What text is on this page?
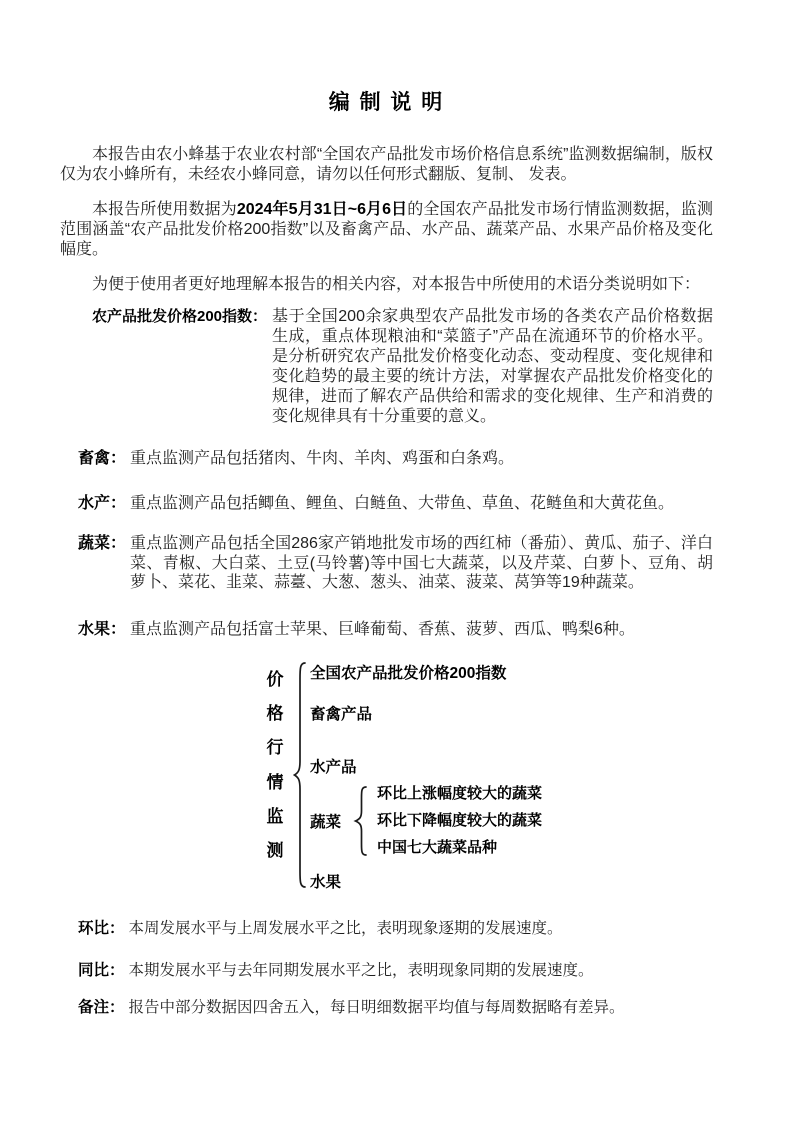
编 制 说 明

本报告由农小蜂基于农业农村部“全国农产品批发市场价格信息系统”监测数据编制，版权仅为农小蜂所有，未经农小蜂同意，请勿以任何形式翻版、复制、 发表。

本报告所使用数据为2024年5月31日~6月6日的全国农产品批发市场行情监测数据，监测范围涵盖“农产品批发价格200指数”以及畜禽产品、水产品、蔬菜产品、水果产品价格及变化幅度。

为便于使用者更好地理解本报告的相关内容，对本报告中所使用的术语分类说明如下：

农产品批发价格200指数： 基于全国200余家典型农产品批发市场的各类农产品价格数据生成，重点体现粮油和“菜篮子”产品在流通环节的价格水平。是分析研究农产品批发价格变化动态、变动程度、变化规律和变化趋势的最主要的统计方法，对掌握农产品批发价格变化的规律，进而了解农产品供给和需求的变化规律、生产和消费的变化规律具有十分重要的意义。
畜禽： 重点监测产品包括猪肉、牛肉、羊肉、鸡蛋和白条鸡。
水产： 重点监测产品包括鲫鱼、鲤鱼、白鲢鱼、大带鱼、草鱼、花鲢鱼和大黄花鱼。
蔬菜： 重点监测产品包括全国286家产销地批发市场的西红柿（番茄）、黄瓜、茄子、洋白菜、青椒、大白菜、土豆(马铃薯)等中国七大蔬菜，以及芹菜、白萝卜、豆角、胡萝卜、菜花、韭菜、蒜薹、大葱、葱头、油菜、菠菜、莴笋等19种蔬菜。
水果： 重点监测产品包括富士苹果、巨峰葡萄、香蕉、菠萝、西瓜、鸭梨6种。
价
格
行
情
监
测
全国农产品批发价格200指数
畜禽产品
水产品
蔬菜
环比上涨幅度较大的蔬菜
环比下降幅度较大的蔬菜
中国七大蔬菜品种
水果
环比： 本周发展水平与上周发展水平之比，表明现象逐期的发展速度。
同比： 本期发展水平与去年同期发展水平之比，表明现象同期的发展速度。
备注： 报告中部分数据因四舍五入，每日明细数据平均值与每周数据略有差异。
